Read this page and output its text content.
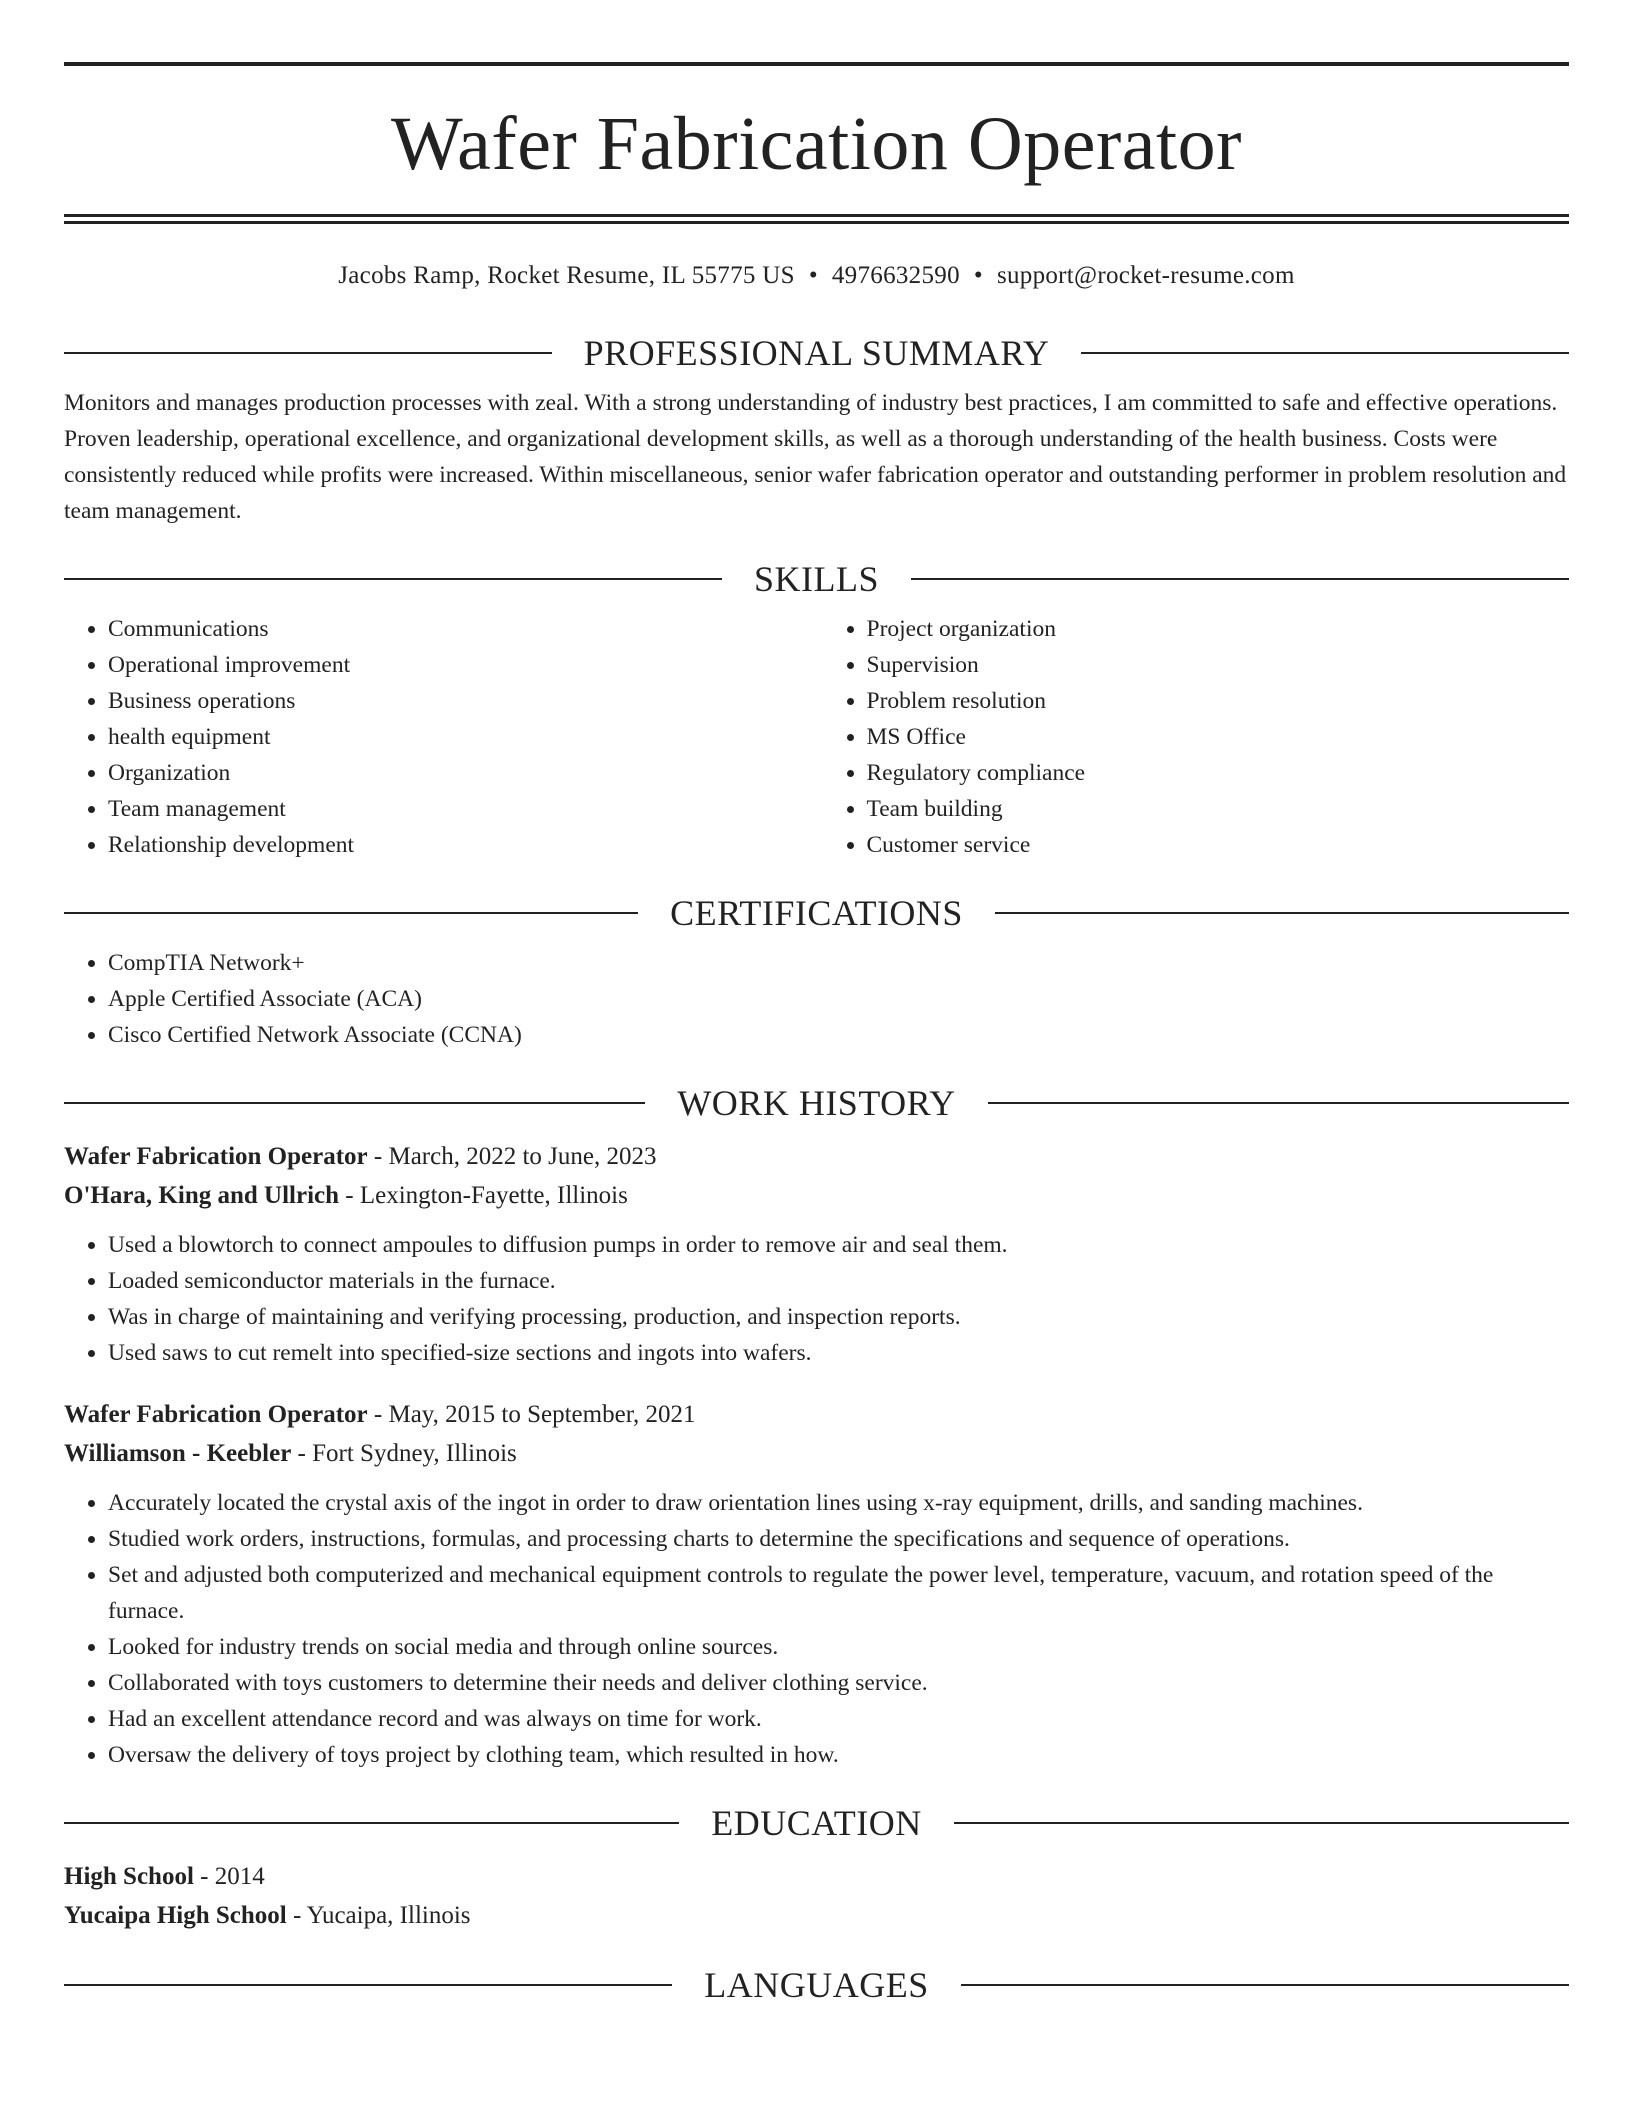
Wafer Fabrication Operator
Jacobs Ramp, Rocket Resume, IL 55775 US • 4976632590 • support@rocket-resume.com
PROFESSIONAL SUMMARY
Monitors and manages production processes with zeal. With a strong understanding of industry best practices, I am committed to safe and effective operations. Proven leadership, operational excellence, and organizational development skills, as well as a thorough understanding of the health business. Costs were consistently reduced while profits were increased. Within miscellaneous, senior wafer fabrication operator and outstanding performer in problem resolution and team management.
SKILLS
• Communications
• Operational improvement
• Business operations
• health equipment
• Organization
• Team management
• Relationship development
• Project organization
• Supervision
• Problem resolution
• MS Office
• Regulatory compliance
• Team building
• Customer service
CERTIFICATIONS
• CompTIA Network+
• Apple Certified Associate (ACA)
• Cisco Certified Network Associate (CCNA)
WORK HISTORY
Wafer Fabrication Operator - March, 2022 to June, 2023
O'Hara, King and Ullrich - Lexington-Fayette, Illinois
• Used a blowtorch to connect ampoules to diffusion pumps in order to remove air and seal them.
• Loaded semiconductor materials in the furnace.
• Was in charge of maintaining and verifying processing, production, and inspection reports.
• Used saws to cut remelt into specified-size sections and ingots into wafers.
Wafer Fabrication Operator - May, 2015 to September, 2021
Williamson - Keebler - Fort Sydney, Illinois
• Accurately located the crystal axis of the ingot in order to draw orientation lines using x-ray equipment, drills, and sanding machines.
• Studied work orders, instructions, formulas, and processing charts to determine the specifications and sequence of operations.
• Set and adjusted both computerized and mechanical equipment controls to regulate the power level, temperature, vacuum, and rotation speed of the furnace.
• Looked for industry trends on social media and through online sources.
• Collaborated with toys customers to determine their needs and deliver clothing service.
• Had an excellent attendance record and was always on time for work.
• Oversaw the delivery of toys project by clothing team, which resulted in how.
EDUCATION
High School - 2014
Yucaipa High School - Yucaipa, Illinois
LANGUAGES
